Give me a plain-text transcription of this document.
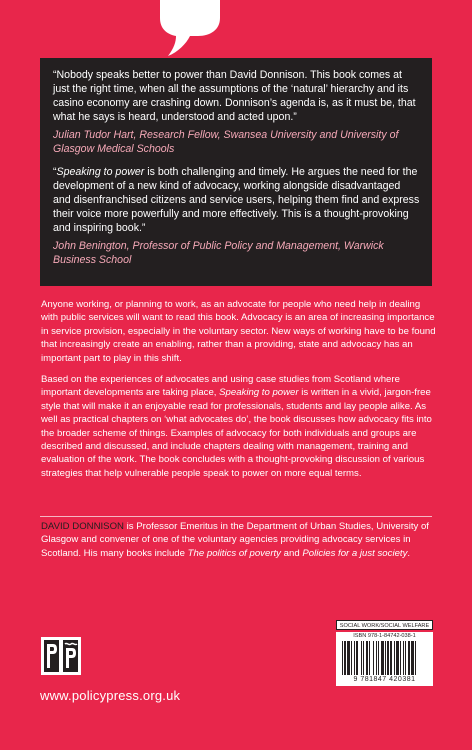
“Nobody speaks better to power than David Donnison. This book comes at just the right time, when all the assumptions of the ‘natural’ hierarchy and its casino economy are crashing down. Donnison’s agenda is, as it must be, that what he says is heard, understood and acted upon.”

Julian Tudor Hart, Research Fellow, Swansea University and University of Glasgow Medical Schools

“Speaking to power is both challenging and timely. He argues the need for the development of a new kind of advocacy, working alongside disadvantaged and disenfranchised citizens and service users, helping them find and express their voice more powerfully and more effectively. This is a thought-provoking and inspiring book.”

John Benington, Professor of Public Policy and Management, Warwick Business School

Anyone working, or planning to work, as an advocate for people who need help in dealing with public services will want to read this book. Advocacy is an area of increasing importance in service provision, especially in the voluntary sector. New ways of working have to be found that increasingly create an enabling, rather than a providing, state and advocacy has an important part to play in this shift.

Based on the experiences of advocates and using case studies from Scotland where important developments are taking place, Speaking to power is written in a vivid, jargon-free style that will make it an enjoyable read for professionals, students and lay people alike. As well as practical chapters on ‘what advocates do’, the book discusses how advocacy fits into the broader scheme of things. Examples of advocacy for both individuals and groups are described and discussed, and include chapters dealing with management, training and evaluation of the work. The book concludes with a thought-provoking discussion of various strategies that help vulnerable people speak to power on more equal terms.

DAVID DONNISON is Professor Emeritus in the Department of Urban Studies, University of Glasgow and convener of one of the voluntary agencies providing advocacy services in Scotland. His many books include The politics of poverty and Policies for a just society.
SOCIAL WORK/SOCIAL WELFARE
ISBN 978-1-84742-038-1
9 781847 420381
www.policypress.org.uk
